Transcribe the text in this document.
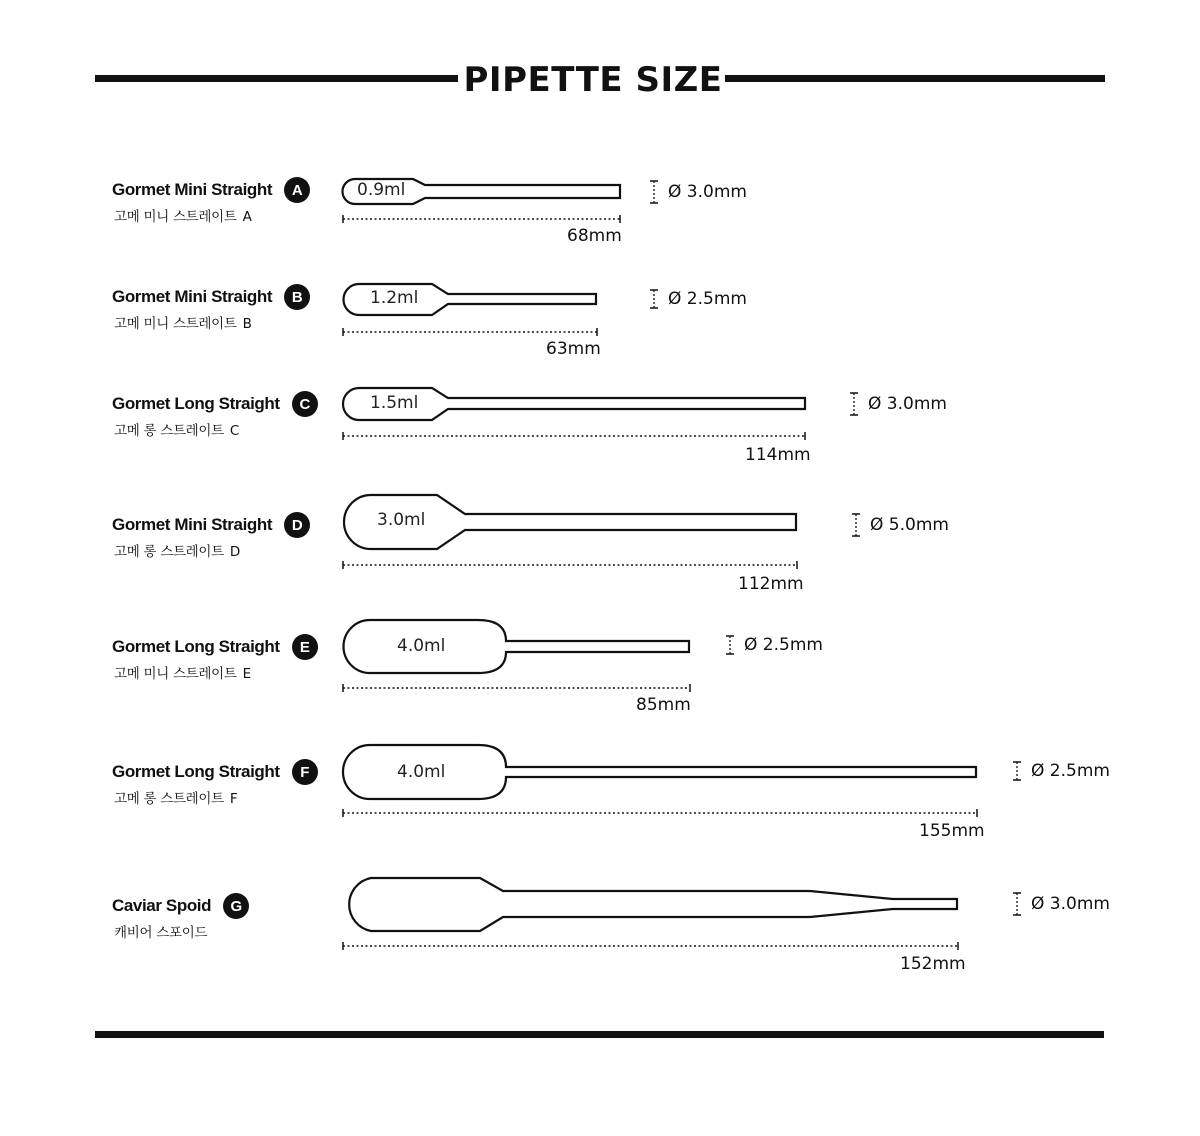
PIPETTE SIZE
Gormet Mini Straight	A
고메 미니 스트레이트 A
0.9ml
68mm
Ø 3.0mm
Gormet Mini Straight	B
고메 미니 스트레이트 B
1.2ml
63mm
Ø 2.5mm
Gormet Long Straight	C
고메 롱 스트레이트 C
1.5ml
114mm
Ø 3.0mm
Gormet Mini Straight	D
고메 롱 스트레이트 D
3.0ml
112mm
Ø 5.0mm
Gormet Long Straight	E
고메 미니 스트레이트 E
4.0ml
85mm
Ø 2.5mm
Gormet Long Straight	F
고메 롱 스트레이트 F
4.0ml
155mm
Ø 2.5mm
Caviar Spoid	G
캐비어 스포이드
152mm
Ø 3.0mm
